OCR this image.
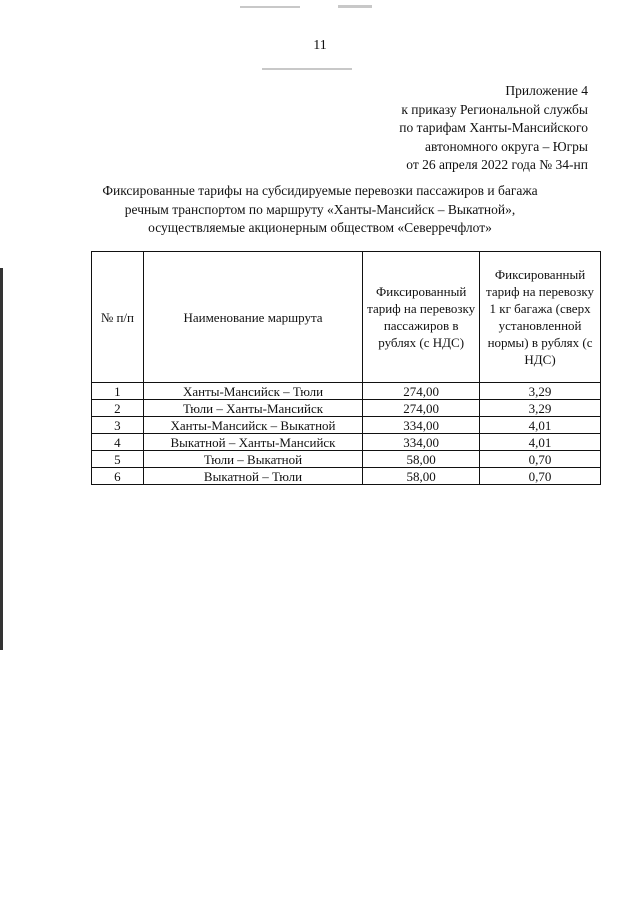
11
Приложение 4
к приказу Региональной службы
по тарифам Ханты-Мансийского
автономного округа – Югры
от 26 апреля 2022 года № 34-нп
Фиксированные тарифы на субсидируемые перевозки пассажиров и багажа
речным транспортом по маршруту «Ханты-Мансийск – Выкатной»,
осуществляемые акционерным обществом «Северречфлот»
№ п/п	Наименование маршрута	Фиксированный тариф на перевозку пассажиров в рублях (с НДС)	Фиксированный тариф на перевозку 1 кг багажа (сверх установленной нормы) в рублях (с НДС)
1	Ханты-Мансийск – Тюли	274,00	3,29
2	Тюли – Ханты-Мансийск	274,00	3,29
3	Ханты-Мансийск – Выкатной	334,00	4,01
4	Выкатной – Ханты-Мансийск	334,00	4,01
5	Тюли – Выкатной	58,00	0,70
6	Выкатной – Тюли	58,00	0,70
